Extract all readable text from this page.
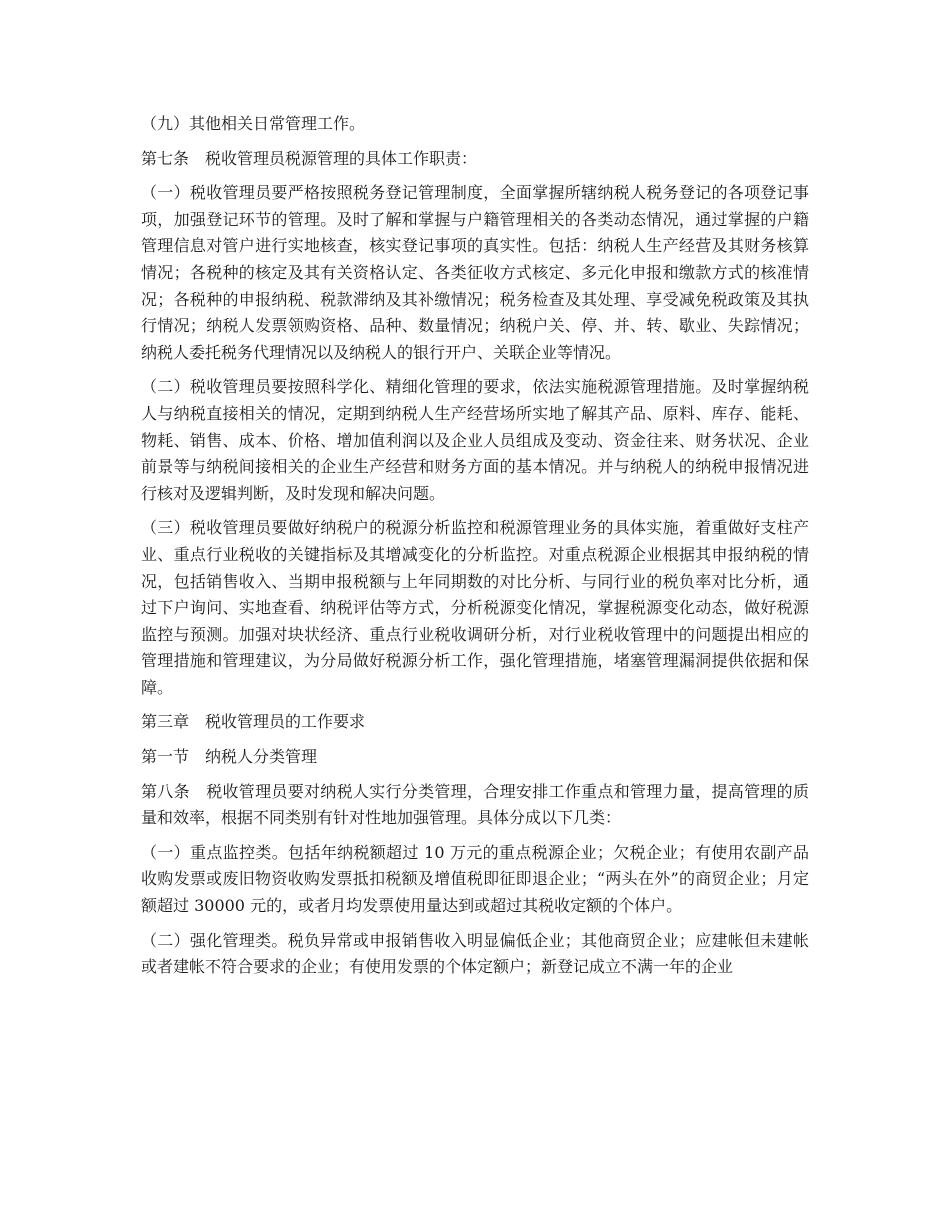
（九）其他相关日常管理工作。

第七条　税收管理员税源管理的具体工作职责：

（一）税收管理员要严格按照税务登记管理制度，全面掌握所辖纳税人税务登记的各项登记事项，加强登记环节的管理。及时了解和掌握与户籍管理相关的各类动态情况，通过掌握的户籍管理信息对管户进行实地核查，核实登记事项的真实性。包括：纳税人生产经营及其财务核算情况；各税种的核定及其有关资格认定、各类征收方式核定、多元化申报和缴款方式的核准情况；各税种的申报纳税、税款滞纳及其补缴情况；税务检查及其处理、享受减免税政策及其执行情况；纳税人发票领购资格、品种、数量情况；纳税户关、停、并、转、歇业、失踪情况；纳税人委托税务代理情况以及纳税人的银行开户、关联企业等情况。

（二）税收管理员要按照科学化、精细化管理的要求，依法实施税源管理措施。及时掌握纳税人与纳税直接相关的情况，定期到纳税人生产经营场所实地了解其产品、原料、库存、能耗、物耗、销售、成本、价格、增加值利润以及企业人员组成及变动、资金往来、财务状况、企业前景等与纳税间接相关的企业生产经营和财务方面的基本情况。并与纳税人的纳税申报情况进行核对及逻辑判断，及时发现和解决问题。

（三）税收管理员要做好纳税户的税源分析监控和税源管理业务的具体实施，着重做好支柱产业、重点行业税收的关键指标及其增减变化的分析监控。对重点税源企业根据其申报纳税的情况，包括销售收入、当期申报税额与上年同期数的对比分析、与同行业的税负率对比分析，通过下户询问、实地查看、纳税评估等方式，分析税源变化情况，掌握税源变化动态，做好税源监控与预测。加强对块状经济、重点行业税收调研分析，对行业税收管理中的问题提出相应的管理措施和管理建议，为分局做好税源分析工作，强化管理措施，堵塞管理漏洞提供依据和保障。

第三章　税收管理员的工作要求

第一节　纳税人分类管理

第八条　税收管理员要对纳税人实行分类管理，合理安排工作重点和管理力量，提高管理的质量和效率，根据不同类别有针对性地加强管理。具体分成以下几类：

（一）重点监控类。包括年纳税额超过 10 万元的重点税源企业；欠税企业；有使用农副产品收购发票或废旧物资收购发票抵扣税额及增值税即征即退企业；“两头在外”的商贸企业；月定额超过 30000 元的，或者月均发票使用量达到或超过其税收定额的个体户。

（二）强化管理类。税负异常或申报销售收入明显偏低企业；其他商贸企业；应建帐但未建帐或者建帐不符合要求的企业；有使用发票的个体定额户；新登记成立不满一年的企业
